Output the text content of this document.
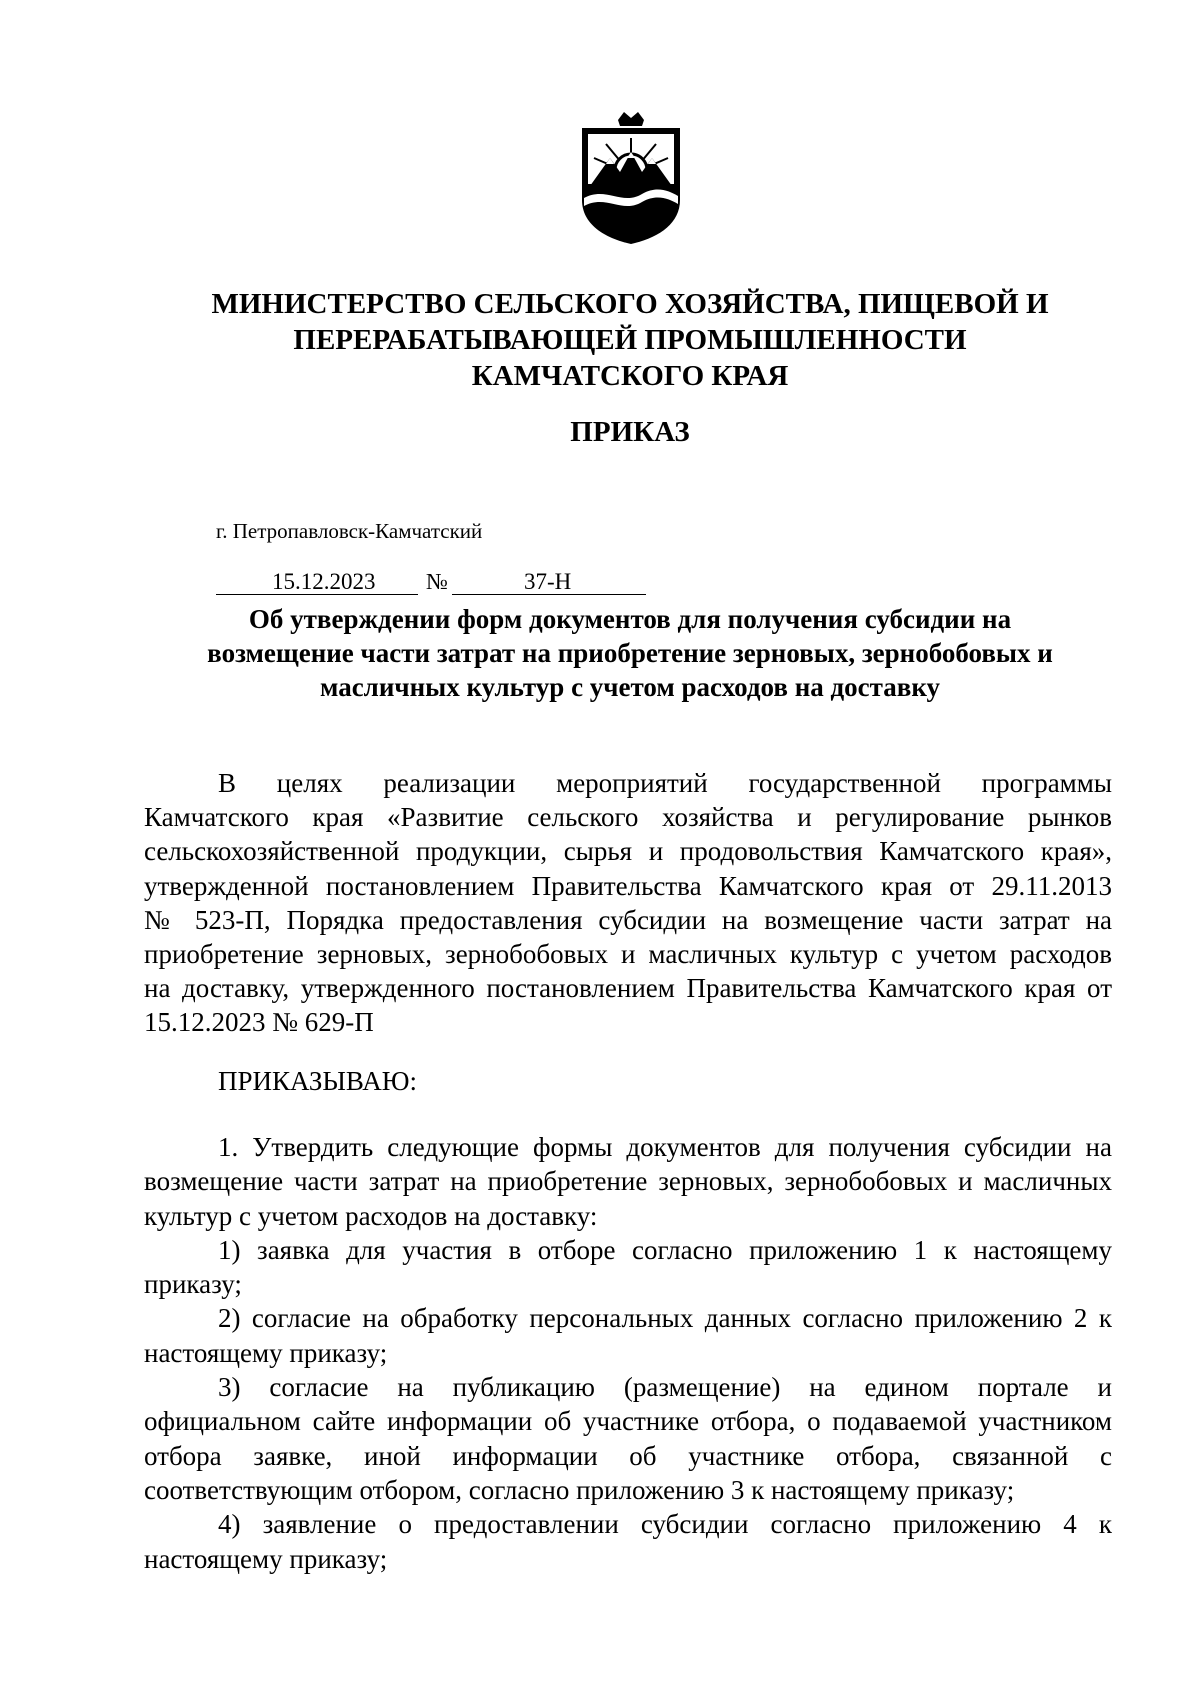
МИНИСТЕРСТВО СЕЛЬСКОГО ХОЗЯЙСТВА, ПИЩЕВОЙ И
ПЕРЕРАБАТЫВАЮЩЕЙ ПРОМЫШЛЕННОСТИ
КАМЧАТСКОГО КРАЯ
ПРИКАЗ
г. Петропавловск-Камчатский
15.12.2023 №	37-Н
Об утверждении форм документов для получения субсидии на
возмещение части затрат на приобретение зерновых, зернобобовых и
масличных культур с учетом расходов на доставку
В целях реализации мероприятий государственной программы
Камчатского края «Развитие сельского хозяйства и регулирование рынков
сельскохозяйственной продукции, сырья и продовольствия Камчатского края»,
утвержденной постановлением Правительства Камчатского края от 29.11.2013
№ 523-П, Порядка предоставления субсидии на возмещение части затрат на
приобретение зерновых, зернобобовых и масличных культур с учетом расходов
на доставку, утвержденного постановлением Правительства Камчатского края от
15.12.2023 № 629-П
ПРИКАЗЫВАЮ:
1. Утвердить следующие формы документов для получения субсидии на
возмещение части затрат на приобретение зерновых, зернобобовых и масличных
культур с учетом расходов на доставку:
1) заявка для участия в отборе согласно приложению 1 к настоящему
приказу;
2) согласие на обработку персональных данных согласно приложению 2 к
настоящему приказу;
3) согласие на публикацию (размещение) на едином портале и
официальном сайте информации об участнике отбора, о подаваемой участником
отбора заявке, иной информации об участнике отбора, связанной с
соответствующим отбором, согласно приложению 3 к настоящему приказу;
4) заявление о предоставлении субсидии согласно приложению 4 к
настоящему приказу;
